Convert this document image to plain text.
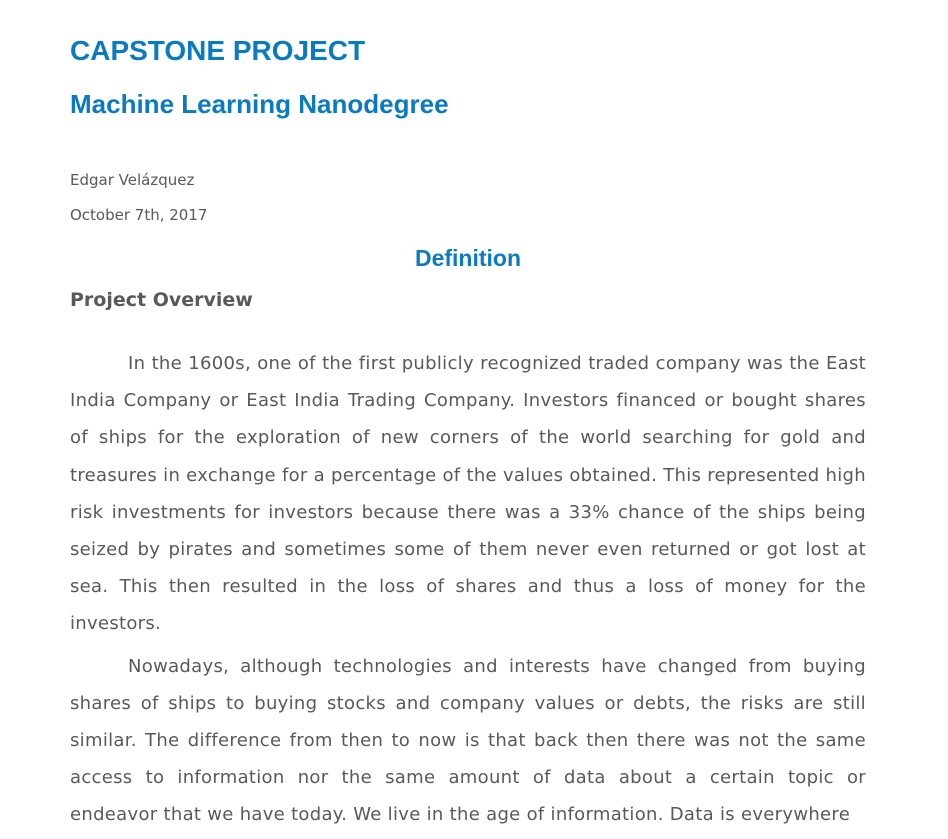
CAPSTONE PROJECT
Machine Learning Nanodegree

Edgar Velázquez

October 7th, 2017

Definition
Project Overview

In the 1600s, one of the first publicly recognized traded company was the East India Company or East India Trading Company. Investors financed or bought shares of ships for the exploration of new corners of the world searching for gold and treasures in exchange for a percentage of the values obtained. This represented high risk investments for investors because there was a 33% chance of the ships being seized by pirates and sometimes some of them never even returned or got lost at sea. This then resulted in the loss of shares and thus a loss of money for the investors.

Nowadays, although technologies and interests have changed from buying shares of ships to buying stocks and company values or debts, the risks are still similar. The difference from then to now is that back then there was not the same access to information nor the same amount of data about a certain topic or endeavor that we have today. We live in the age of information. Data is everywhere
